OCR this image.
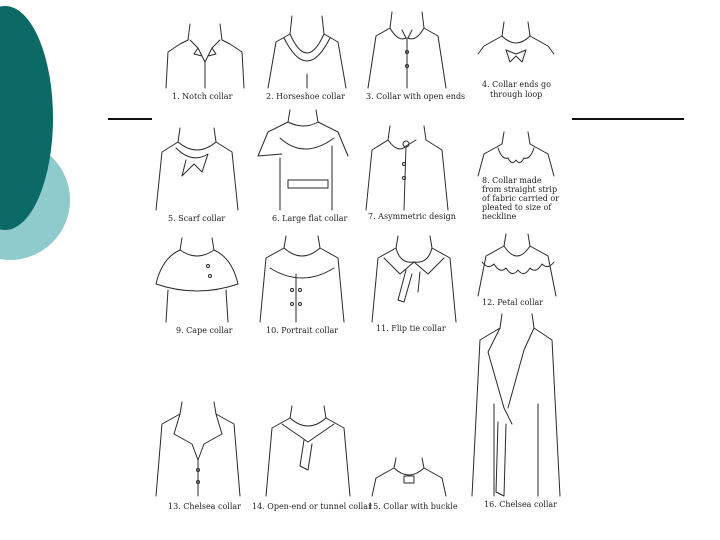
1. Notch collar	2. Horseshoe collar	3. Collar with open ends
4. Collar ends go
through loop
5. Scarf collar	6. Large flat collar	7. Asymmetric design
8. Collar made from straight strip of fabric carried or pleated to size of neckline
9. Cape collar	10. Portrait collar	11. Flip tie collar
12. Petal collar
13. Chelsea collar 14. Open-end or tunnel collar
15. Collar with buckle	16. Chelsea collar
